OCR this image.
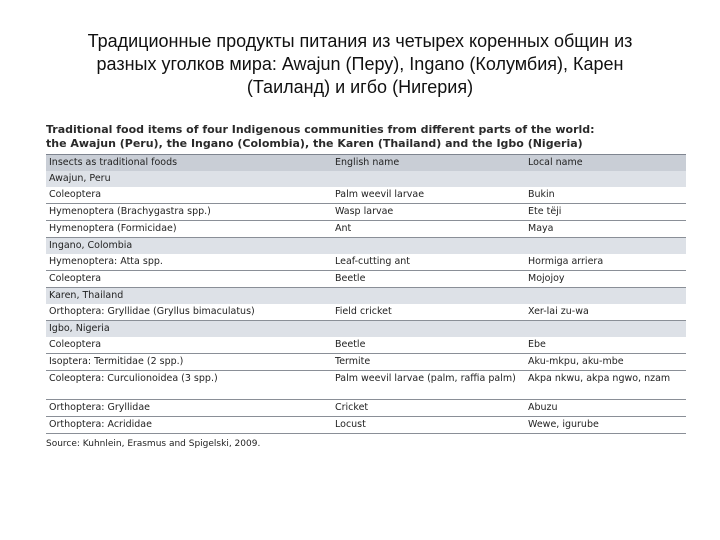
Традиционные продукты питания из четырех коренных общин из
разных уголков мира: Awajun (Перу), Ingano (Колумбия), Карен
(Таиланд) и игбо (Нигерия)
Traditional food items of four Indigenous communities from different parts of the world:
the Awajun (Peru), the Ingano (Colombia), the Karen (Thailand) and the Igbo (Nigeria)
Insects as traditional foods	English name	Local name
Awajun, Peru		
Coleoptera	Palm weevil larvae	Bukin
Hymenoptera (Brachygastra spp.)	Wasp larvae	Ete tëji
Hymenoptera (Formicidae)	Ant	Maya
Ingano, Colombia		
Hymenoptera: Atta spp.	Leaf-cutting ant	Hormiga arriera
Coleoptera	Beetle	Mojojoy
Karen, Thailand		
Orthoptera: Gryllidae (Gryllus bimaculatus)	Field cricket	Xer-lai zu-wa
Igbo, Nigeria		
Coleoptera	Beetle	Ebe
Isoptera: Termitidae (2 spp.)	Termite	Aku-mkpu, aku-mbe
Coleoptera: Curculionoidea (3 spp.)	Palm weevil larvae (palm, raffia palm)	Akpa nkwu, akpa ngwo, nzam
Orthoptera: Gryllidae	Cricket	Abuzu
Orthoptera: Acrididae	Locust	Wewe, igurube
Source: Kuhnlein, Erasmus and Spigelski, 2009.
